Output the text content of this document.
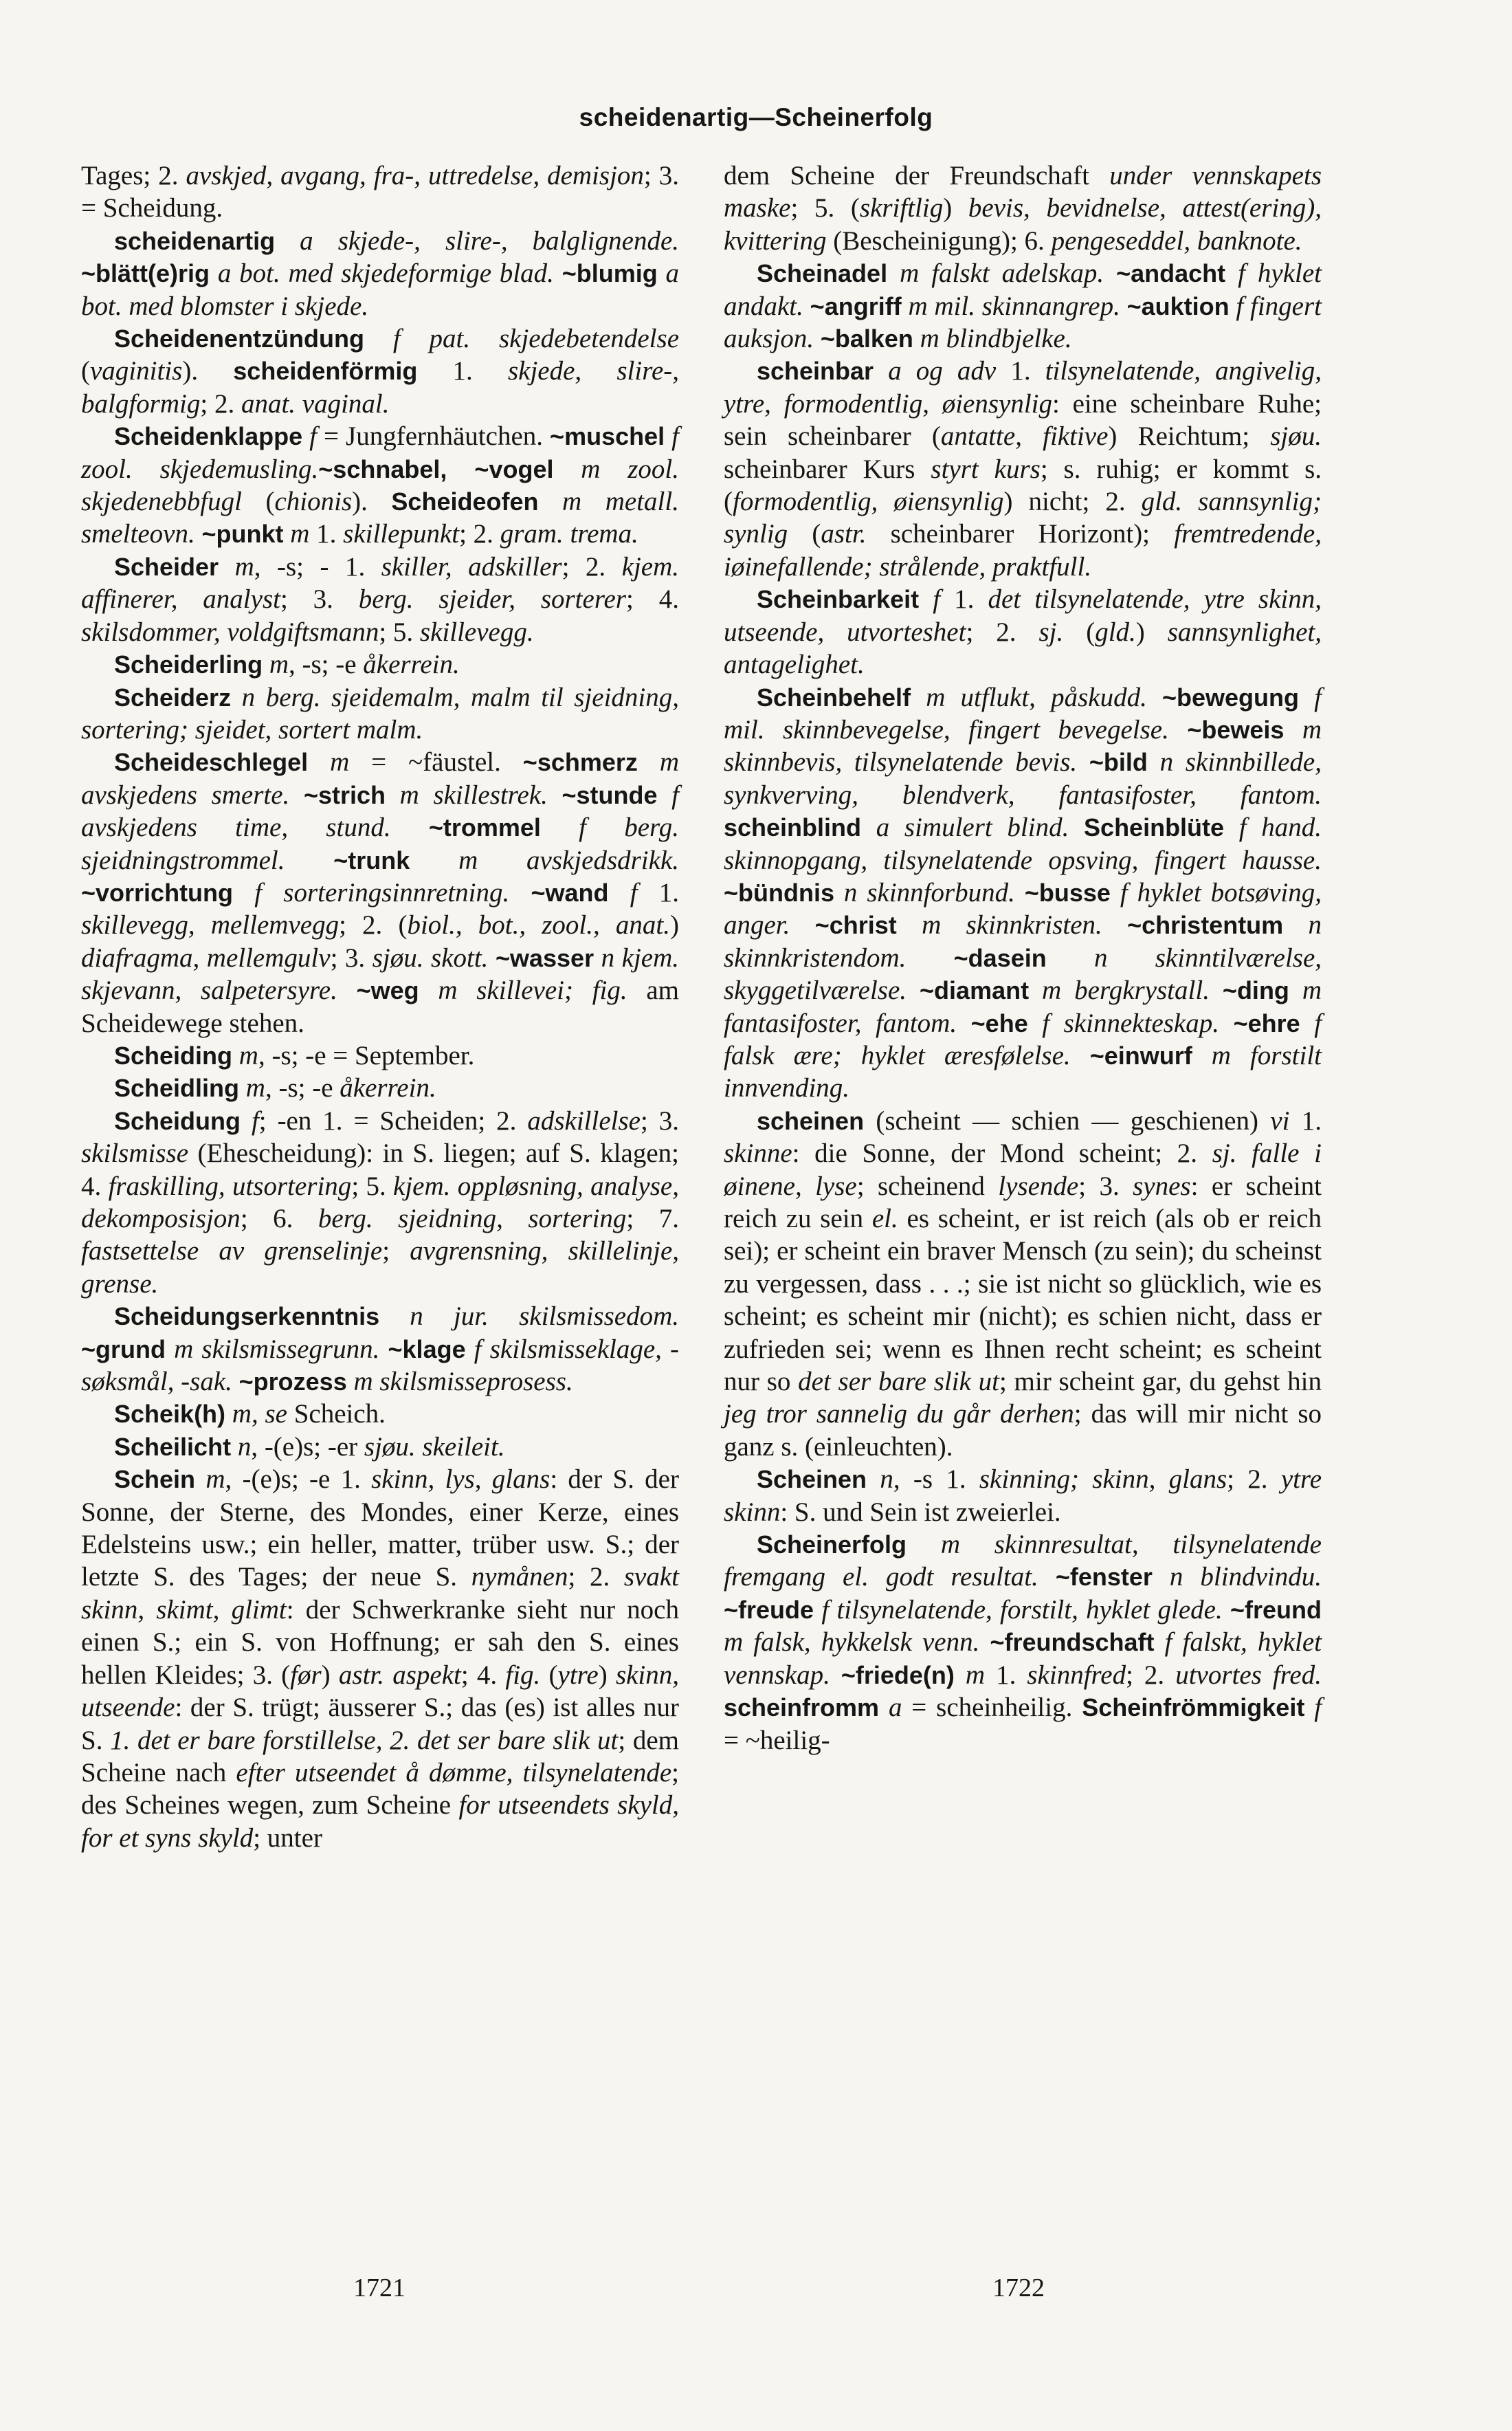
scheidenartig—Scheinerfolg

Tages; 2. avskjed, avgang, fra-, uttredelse, demisjon; 3. = Scheidung.

scheidenartig a skjede-, slire-, balglignende. ~blätt(e)rig a bot. med skjedeformige blad. ~blumig a bot. med blomster i skjede.

Scheidenentzündung f pat. skjedebetendelse (vaginitis). scheidenförmig 1. skjede, slire-, balgformig; 2. anat. vaginal.

Scheidenklappe f = Jungfernhäutchen. ~muschel f zool. skjedemusling.~schnabel, ~vogel m zool. skjedenebbfugl (chionis). Scheideofen m metall. smelteovn. ~punkt m 1. skillepunkt; 2. gram. trema.

Scheider m, -s; - 1. skiller, adskiller; 2. kjem. affinerer, analyst; 3. berg. sjeider, sorterer; 4. skilsdommer, voldgiftsmann; 5. skillevegg.

Scheiderling m, -s; -e åkerrein.

Scheiderz n berg. sjeidemalm, malm til sjeidning, sortering; sjeidet, sortert malm.

Scheideschlegel m = ~fäustel. ~schmerz m avskjedens smerte. ~strich m skillestrek. ~stunde f avskjedens time, stund. ~trommel f berg. sjeidningstrommel. ~trunk m avskjedsdrikk. ~vorrichtung f sorteringsinnretning. ~wand f 1. skillevegg, mellemvegg; 2. (biol., bot., zool., anat.) diafragma, mellemgulv; 3. sjøu. skott. ~wasser n kjem. skjevann, salpetersyre. ~weg m skillevei; fig. am Scheidewege stehen.

Scheiding m, -s; -e = September.

Scheidling m, -s; -e åkerrein.

Scheidung f; -en 1. = Scheiden; 2. adskillelse; 3. skilsmisse (Ehescheidung): in S. liegen; auf S. klagen; 4. fraskilling, utsortering; 5. kjem. oppløsning, analyse, dekomposisjon; 6. berg. sjeidning, sortering; 7. fastsettelse av grenselinje; avgrensning, skillelinje, grense.

Scheidungserkenntnis n jur. skilsmissedom. ~grund m skilsmissegrunn. ~klage f skilsmisseklage, -søksmål, -sak. ~prozess m skilsmisseprosess.

Scheik(h) m, se Scheich.

Scheilicht n, -(e)s; -er sjøu. skeileit.

Schein m, -(e)s; -e 1. skinn, lys, glans: der S. der Sonne, der Sterne, des Mondes, einer Kerze, eines Edelsteins usw.; ein heller, matter, trüber usw. S.; der letzte S. des Tages; der neue S. nymånen; 2. svakt skinn, skimt, glimt: der Schwerkranke sieht nur noch einen S.; ein S. von Hoffnung; er sah den S. eines hellen Kleides; 3. (før) astr. aspekt; 4. fig. (ytre) skinn, utseende: der S. trügt; äusserer S.; das (es) ist alles nur S. 1. det er bare forstillelse, 2. det ser bare slik ut; dem Scheine nach efter utseendet å dømme, tilsynelatende; des Scheines wegen, zum Scheine for utseendets skyld, for et syns skyld; unter

dem Scheine der Freundschaft under vennskapets maske; 5. (skriftlig) bevis, bevidnelse, attest(ering), kvittering (Bescheinigung); 6. pengeseddel, banknote.

Scheinadel m falskt adelskap. ~andacht f hyklet andakt. ~angriff m mil. skinnangrep. ~auktion f fingert auksjon. ~balken m blindbjelke.

scheinbar a og adv 1. tilsynelatende, angivelig, ytre, formodentlig, øiensynlig: eine scheinbare Ruhe; sein scheinbarer (antatte, fiktive) Reichtum; sjøu. scheinbarer Kurs styrt kurs; s. ruhig; er kommt s. (formodentlig, øiensynlig) nicht; 2. gld. sannsynlig; synlig (astr. scheinbarer Horizont); fremtredende, iøinefallende; strålende, praktfull.

Scheinbarkeit f 1. det tilsynelatende, ytre skinn, utseende, utvorteshet; 2. sj. (gld.) sannsynlighet, antagelighet.

Scheinbehelf m utflukt, påskudd. ~bewegung f mil. skinnbevegelse, fingert bevegelse. ~beweis m skinnbevis, tilsynelatende bevis. ~bild n skinnbillede, synkverving, blendverk, fantasifoster, fantom. scheinblind a simulert blind. Scheinblüte f hand. skinnopgang, tilsynelatende opsving, fingert hausse. ~bündnis n skinnforbund. ~busse f hyklet botsøving, anger. ~christ m skinnkristen. ~christentum n skinnkristendom. ~dasein n skinntilværelse, skyggetilværelse. ~diamant m bergkrystall. ~ding m fantasifoster, fantom. ~ehe f skinnekteskap. ~ehre f falsk ære; hyklet æresfølelse. ~einwurf m forstilt innvending.

scheinen (scheint — schien — geschienen) vi 1. skinne: die Sonne, der Mond scheint; 2. sj. falle i øinene, lyse; scheinend lysende; 3. synes: er scheint reich zu sein el. es scheint, er ist reich (als ob er reich sei); er scheint ein braver Mensch (zu sein); du scheinst zu vergessen, dass . . .; sie ist nicht so glücklich, wie es scheint; es scheint mir (nicht); es schien nicht, dass er zufrieden sei; wenn es Ihnen recht scheint; es scheint nur so det ser bare slik ut; mir scheint gar, du gehst hin jeg tror sannelig du går derhen; das will mir nicht so ganz s. (einleuchten).

Scheinen n, -s 1. skinning; skinn, glans; 2. ytre skinn: S. und Sein ist zweierlei.

Scheinerfolg m skinnresultat, tilsynelatende fremgang el. godt resultat. ~fenster n blindvindu. ~freude f tilsynelatende, forstilt, hyklet glede. ~freund m falsk, hykkelsk venn. ~freundschaft f falskt, hyklet vennskap. ~friede(n) m 1. skinnfred; 2. utvortes fred. scheinfromm a = scheinheilig. Scheinfrömmigkeit f = ~heilig-

1721	1722
